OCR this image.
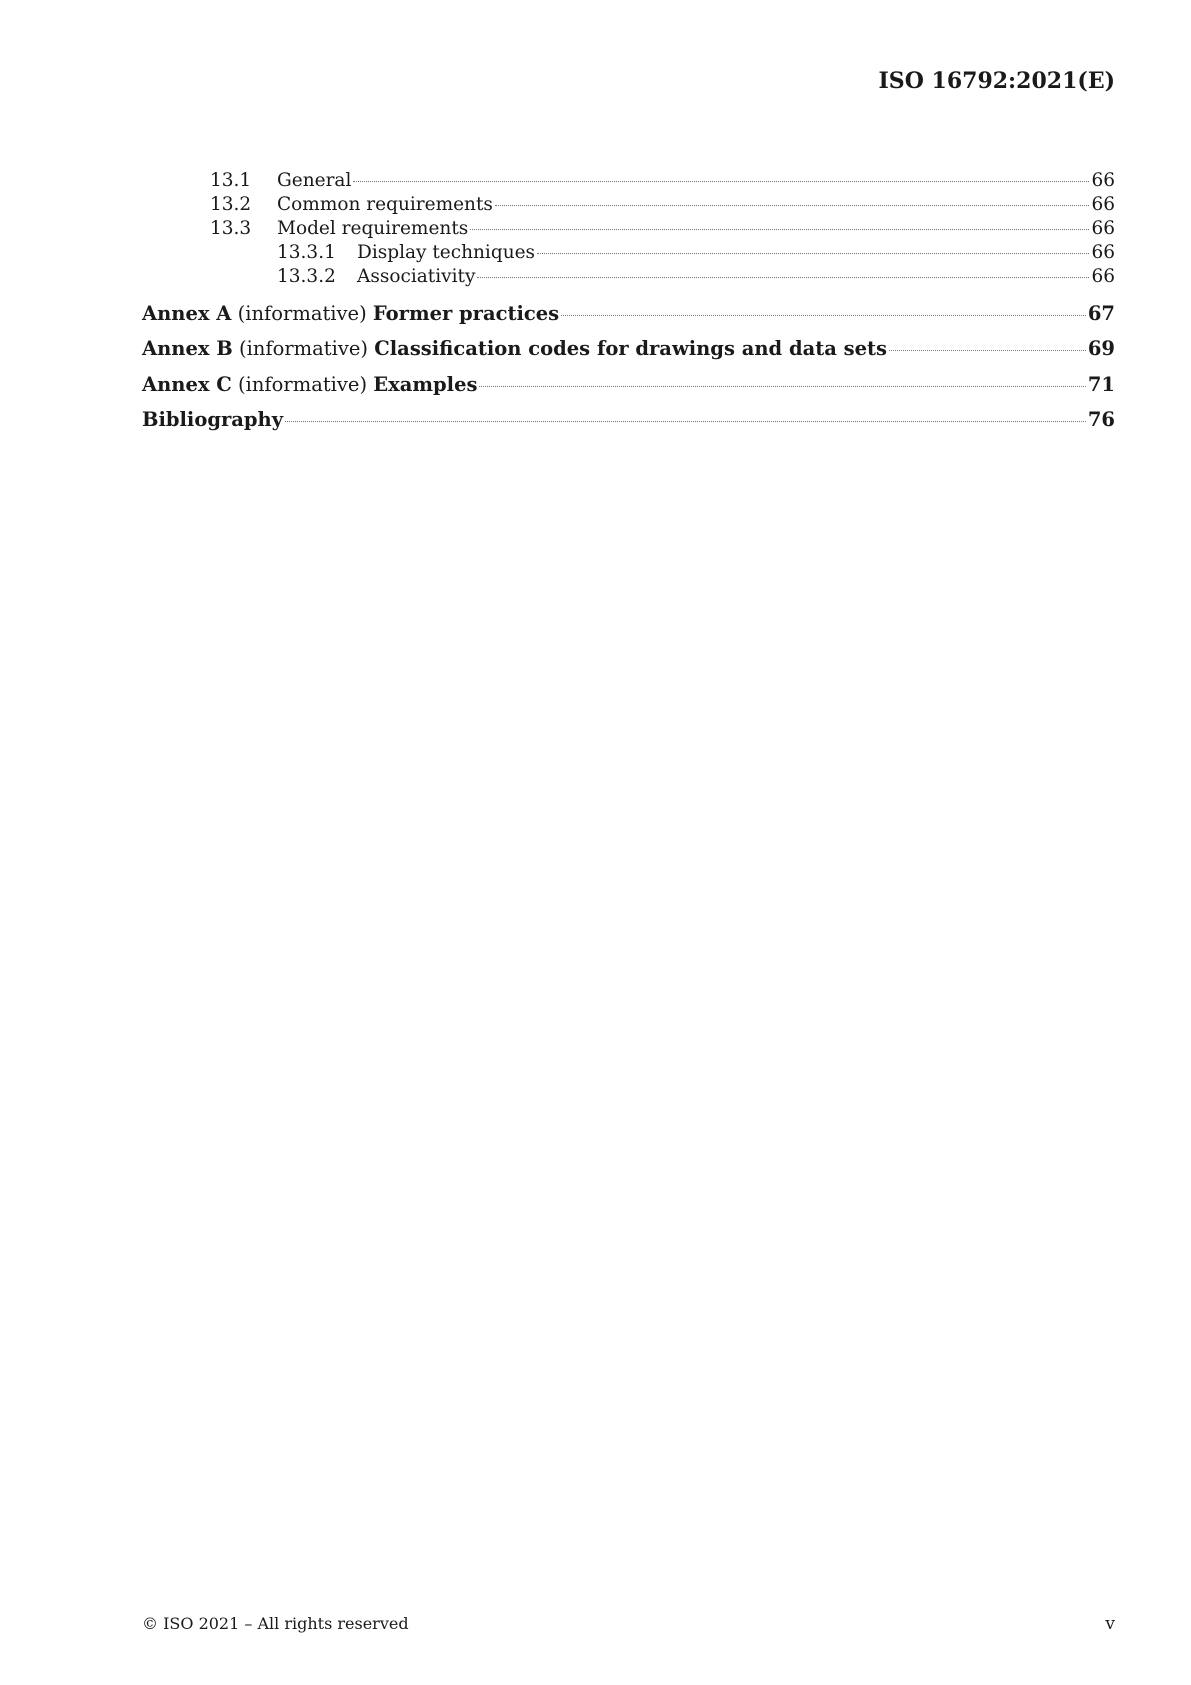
ISO 16792:2021(E)
13.1	General	66
13.2	Common requirements	66
13.3	Model requirements	66
13.3.1	Display techniques	66
13.3.2	Associativity	66
Annex A
(informative)
Former practices	67
Annex B
(informative)
Classification codes for drawings and data sets	69
Annex C
(informative)
Examples	71
Bibliography	76
© ISO 2021 – All rights reserved	v
